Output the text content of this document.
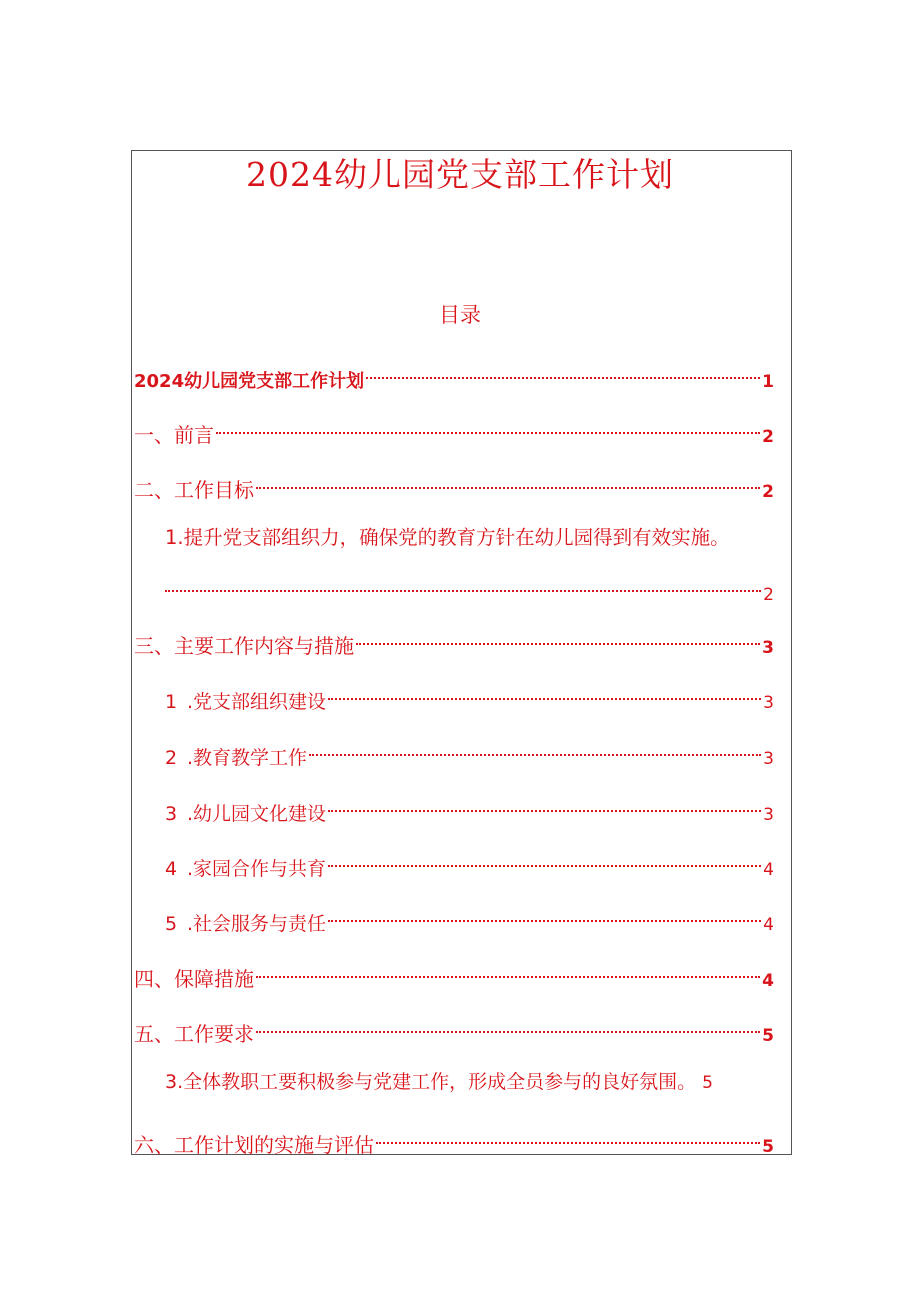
2024幼儿园党支部工作计划
目录
2024幼儿园党支部工作计划	1
一、前言	2
二、工作目标	2
1.提升党支部组织力，确保党的教育方针在幼儿园得到有效实施。
2
三、主要工作内容与措施	3
1 .党支部组织建设	3
2 .教育教学工作	3
3 .幼儿园文化建设	3
4 .家园合作与共育	4
5 .社会服务与责任	4
四、保障措施	4
五、工作要求	5
3.全体教职工要积极参与党建工作，形成全员参与的良好氛围。 5
六、工作计划的实施与评估	5
